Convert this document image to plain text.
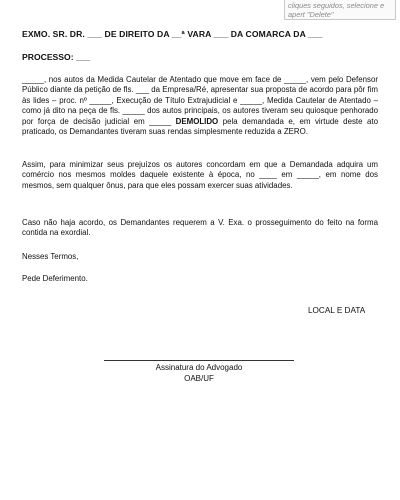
cliques seguidos, selecione e apert "Delete"
EXMO. SR. DR. ___ DE DIREITO DA __ª VARA ___ DA COMARCA DA ___
PROCESSO: ___
_____, nos autos da Medida Cautelar de Atentado que move em face de _____, vem pelo Defensor Público diante da petição de fls. ___ da Empresa/Ré, apresentar sua proposta de acordo para pôr fim às lides – proc. nº _____, Execução de Título Extrajudicial e _____, Medida Cautelar de Atentado – como já dito na peça de fls. _____ dos autos principais, os autores tiveram seu quiosque penhorado por força de decisão judicial em _____ DEMOLIDO pela demandada e, em virtude deste ato praticado, os Demandantes tiveram suas rendas simplesmente reduzida a ZERO.
Assim, para minimizar seus prejuízos os autores concordam em que a Demandada adquira um comércio nos mesmos moldes daquele existente à época, no ____ em _____, em nome dos mesmos, sem qualquer ônus, para que eles possam exercer suas atividades.
Caso não haja acordo, os Demandantes requerem a V. Exa. o prosseguimento do feito na forma contida na exordial.
Nesses Termos,
Pede Deferimento.
LOCAL E DATA
Assinatura do Advogado
OAB/UF
